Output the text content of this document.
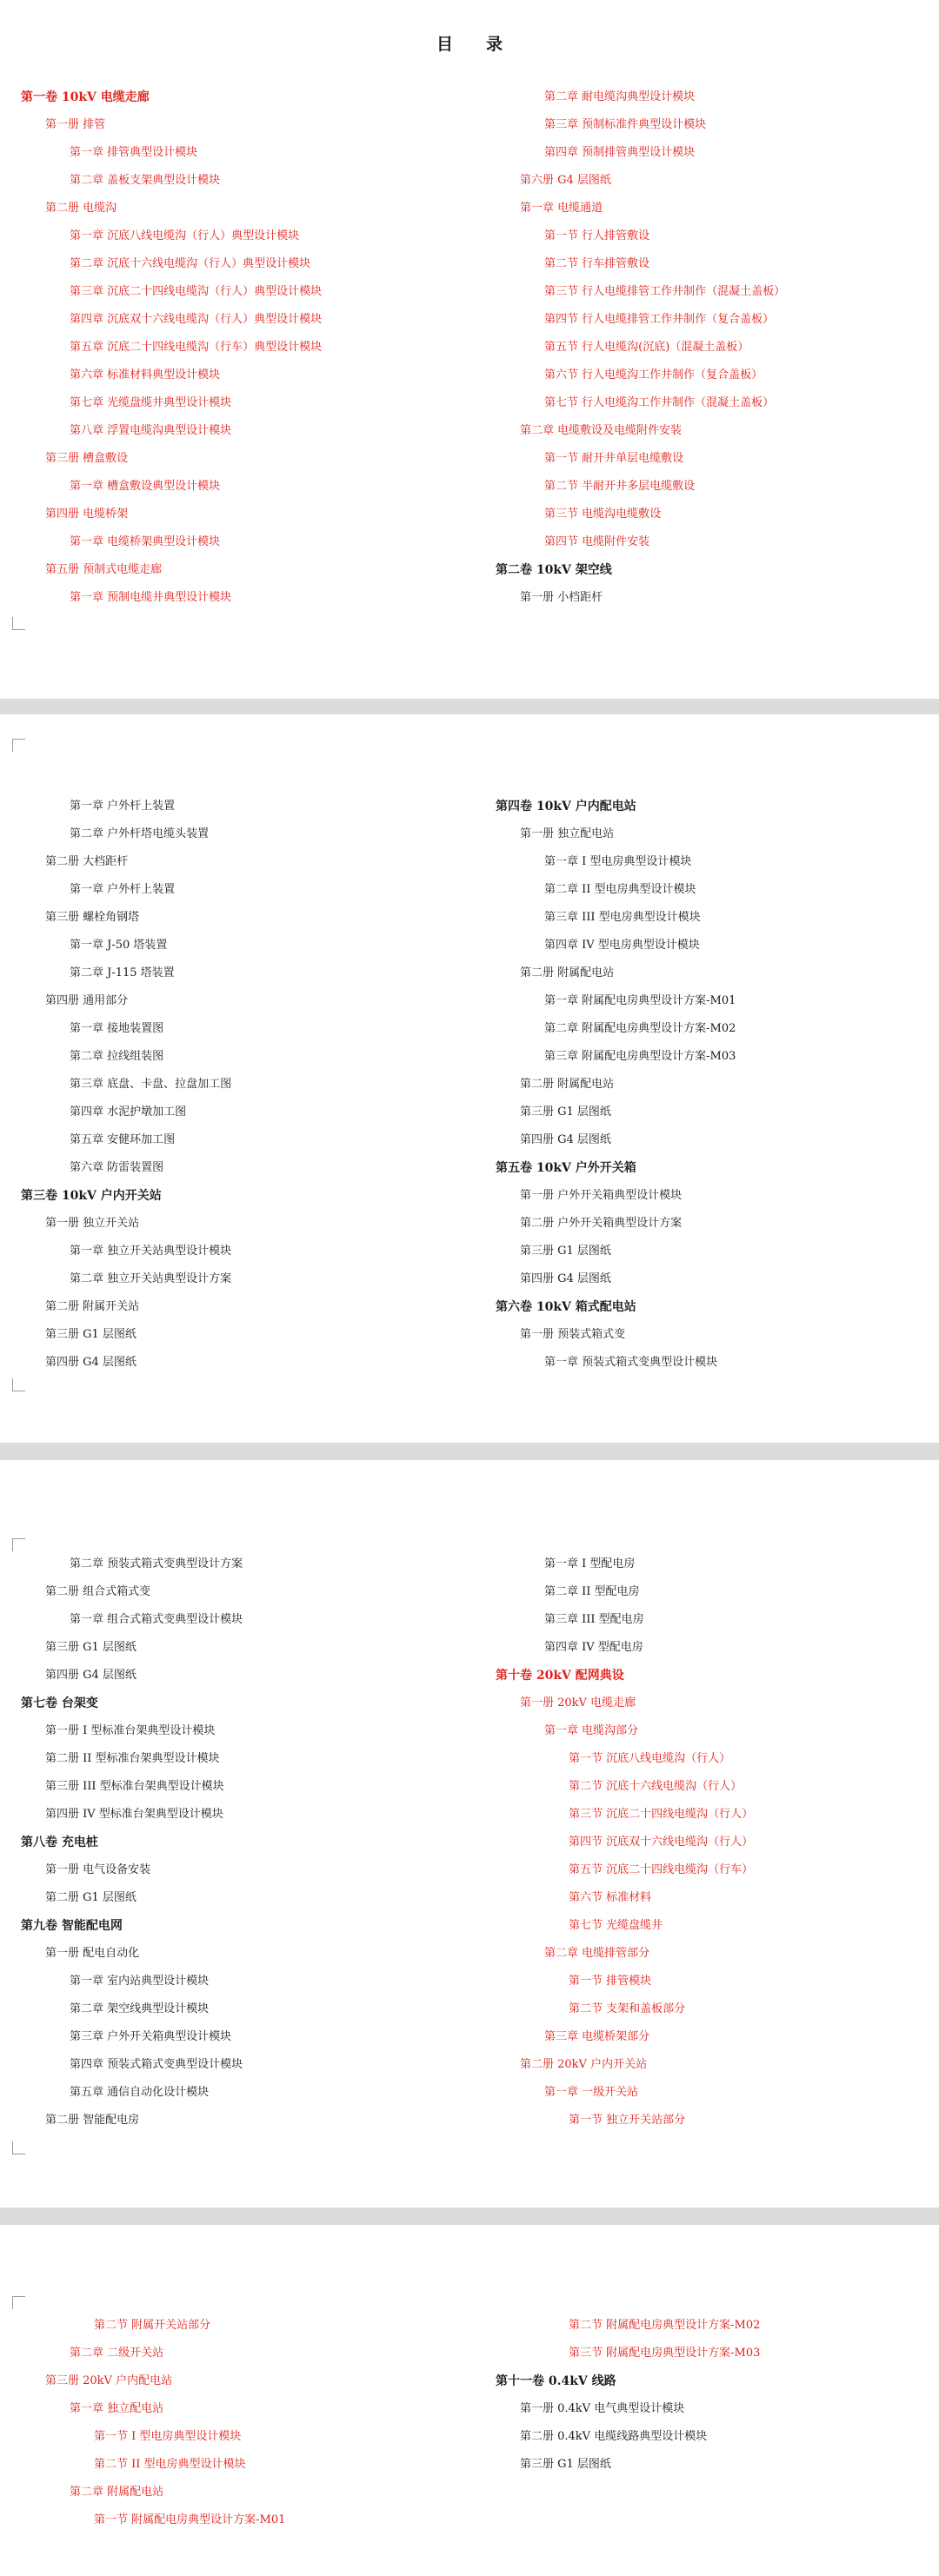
目　　录
第一卷 10kV 电缆走廊
第一册 排管
第一章 排管典型设计模块
第二章 盖板支架典型设计模块
第二册 电缆沟
第一章 沉底八线电缆沟（行人）典型设计模块
第二章 沉底十六线电缆沟（行人）典型设计模块
第三章 沉底二十四线电缆沟（行人）典型设计模块
第四章 沉底双十六线电缆沟（行人）典型设计模块
第五章 沉底二十四线电缆沟（行车）典型设计模块
第六章 标准材料典型设计模块
第七章 光缆盘缆井典型设计模块
第八章 浮置电缆沟典型设计模块
第三册 槽盒敷设
第一章 槽盒敷设典型设计模块
第四册 电缆桥架
第一章 电缆桥架典型设计模块
第五册 预制式电缆走廊
第一章 预制电缆井典型设计模块
第二章 耐电缆沟典型设计模块
第三章 预制标准件典型设计模块
第四章 预制排管典型设计模块
第六册 G4 层图纸
第一章 电缆通道
第一节 行人排管敷设
第二节 行车排管敷设
第三节 行人电缆排管工作井制作（混凝土盖板）
第四节 行人电缆排管工作井制作（复合盖板）
第五节 行人电缆沟(沉底)（混凝土盖板）
第六节 行人电缆沟工作井制作（复合盖板）
第七节 行人电缆沟工作井制作（混凝土盖板）
第二章 电缆敷设及电缆附件安装
第一节 耐开井单层电缆敷设
第二节 半耐开井多层电缆敷设
第三节 电缆沟电缆敷设
第四节 电缆附件安装
第二卷 10kV 架空线
第一册 小档距杆
第一章 户外杆上装置
第二章 户外杆塔电缆头装置
第二册 大档距杆
第一章 户外杆上装置
第三册 螺栓角钢塔
第一章 J-50 塔装置
第二章 J-115 塔装置
第四册 通用部分
第一章 接地装置图
第二章 拉线组装图
第三章 底盘、卡盘、拉盘加工图
第四章 水泥护墩加工图
第五章 安健环加工图
第六章 防雷装置图
第三卷 10kV 户内开关站
第一册 独立开关站
第一章 独立开关站典型设计模块
第二章 独立开关站典型设计方案
第二册 附属开关站
第三册 G1 层图纸
第四册 G4 层图纸
第四卷 10kV 户内配电站
第一册 独立配电站
第一章 I 型电房典型设计模块
第二章 II 型电房典型设计模块
第三章 III 型电房典型设计模块
第四章 IV 型电房典型设计模块
第二册 附属配电站
第一章 附属配电房典型设计方案-M01
第二章 附属配电房典型设计方案-M02
第三章 附属配电房典型设计方案-M03
第二册 附属配电站
第三册 G1 层图纸
第四册 G4 层图纸
第五卷 10kV 户外开关箱
第一册 户外开关箱典型设计模块
第二册 户外开关箱典型设计方案
第三册 G1 层图纸
第四册 G4 层图纸
第六卷 10kV 箱式配电站
第一册 预装式箱式变
第一章 预装式箱式变典型设计模块
第二章 预装式箱式变典型设计方案
第二册 组合式箱式变
第一章 组合式箱式变典型设计模块
第三册 G1 层图纸
第四册 G4 层图纸
第七卷 台架变
第一册 I 型标准台架典型设计模块
第二册 II 型标准台架典型设计模块
第三册 III 型标准台架典型设计模块
第四册 IV 型标准台架典型设计模块
第八卷 充电桩
第一册 电气设备安装
第二册 G1 层图纸
第九卷 智能配电网
第一册 配电自动化
第一章 室内站典型设计模块
第二章 架空线典型设计模块
第三章 户外开关箱典型设计模块
第四章 预装式箱式变典型设计模块
第五章 通信自动化设计模块
第二册 智能配电房
第一章 I 型配电房
第二章 II 型配电房
第三章 III 型配电房
第四章 IV 型配电房
第十卷 20kV 配网典设
第一册 20kV 电缆走廊
第一章 电缆沟部分
第一节 沉底八线电缆沟（行人）
第二节 沉底十六线电缆沟（行人）
第三节 沉底二十四线电缆沟（行人）
第四节 沉底双十六线电缆沟（行人）
第五节 沉底二十四线电缆沟（行车）
第六节 标准材料
第七节 光缆盘缆井
第二章 电缆排管部分
第一节 排管模块
第二节 支架和盖板部分
第三章 电缆桥架部分
第二册 20kV 户内开关站
第一章 一级开关站
第一节 独立开关站部分
第二节 附属开关站部分
第二章 二级开关站
第三册 20kV 户内配电站
第一章 独立配电站
第一节 I 型电房典型设计模块
第二节 II 型电房典型设计模块
第二章 附属配电站
第一节 附属配电房典型设计方案-M01
第二节 附属配电房典型设计方案-M02
第三节 附属配电房典型设计方案-M03
第十一卷 0.4kV 线路
第一册 0.4kV 电气典型设计模块
第二册 0.4kV 电缆线路典型设计模块
第三册 G1 层图纸
